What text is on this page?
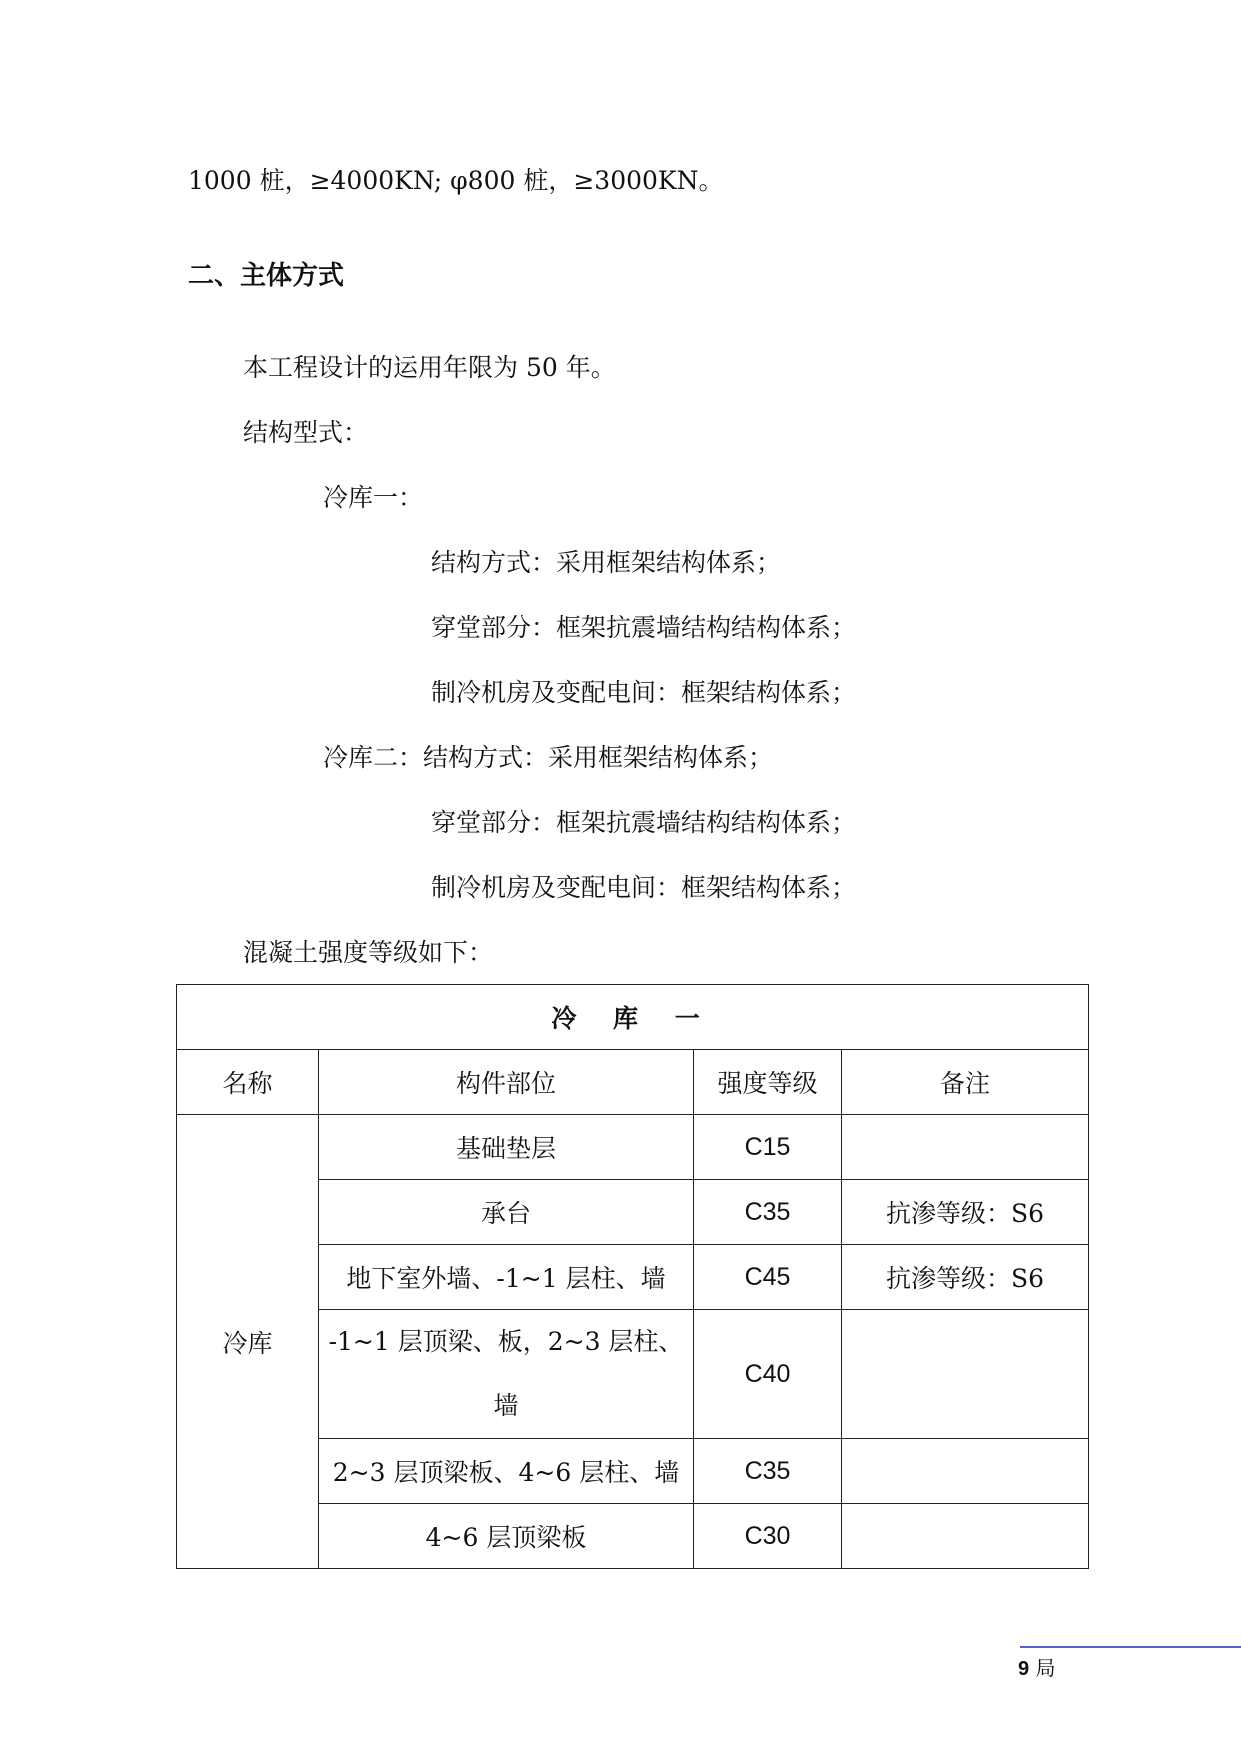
1000 桩，≥4000KN; φ800 桩，≥3000KN。
二、主体方式
本工程设计的运用年限为 50 年。
结构型式：
冷库一：
结构方式：采用框架结构体系；
穿堂部分：框架抗震墙结构结构体系；
制冷机房及变配电间：框架结构体系；
冷库二：结构方式：采用框架结构体系；
穿堂部分：框架抗震墙结构结构体系；
制冷机房及变配电间：框架结构体系；
混凝土强度等级如下：
冷 库 一			
名称	构件部位	强度等级	备注
冷库	基础垫层	C15	
	承台	C35	抗渗等级：S6
	地下室外墙、-1~1 层柱、墙	C45	抗渗等级：S6
	-1~1 层顶梁、板，2~3 层柱、墙	C40	
	2~3 层顶梁板、4~6 层柱、墙	C35	
	4~6 层顶梁板	C30	
9 局
